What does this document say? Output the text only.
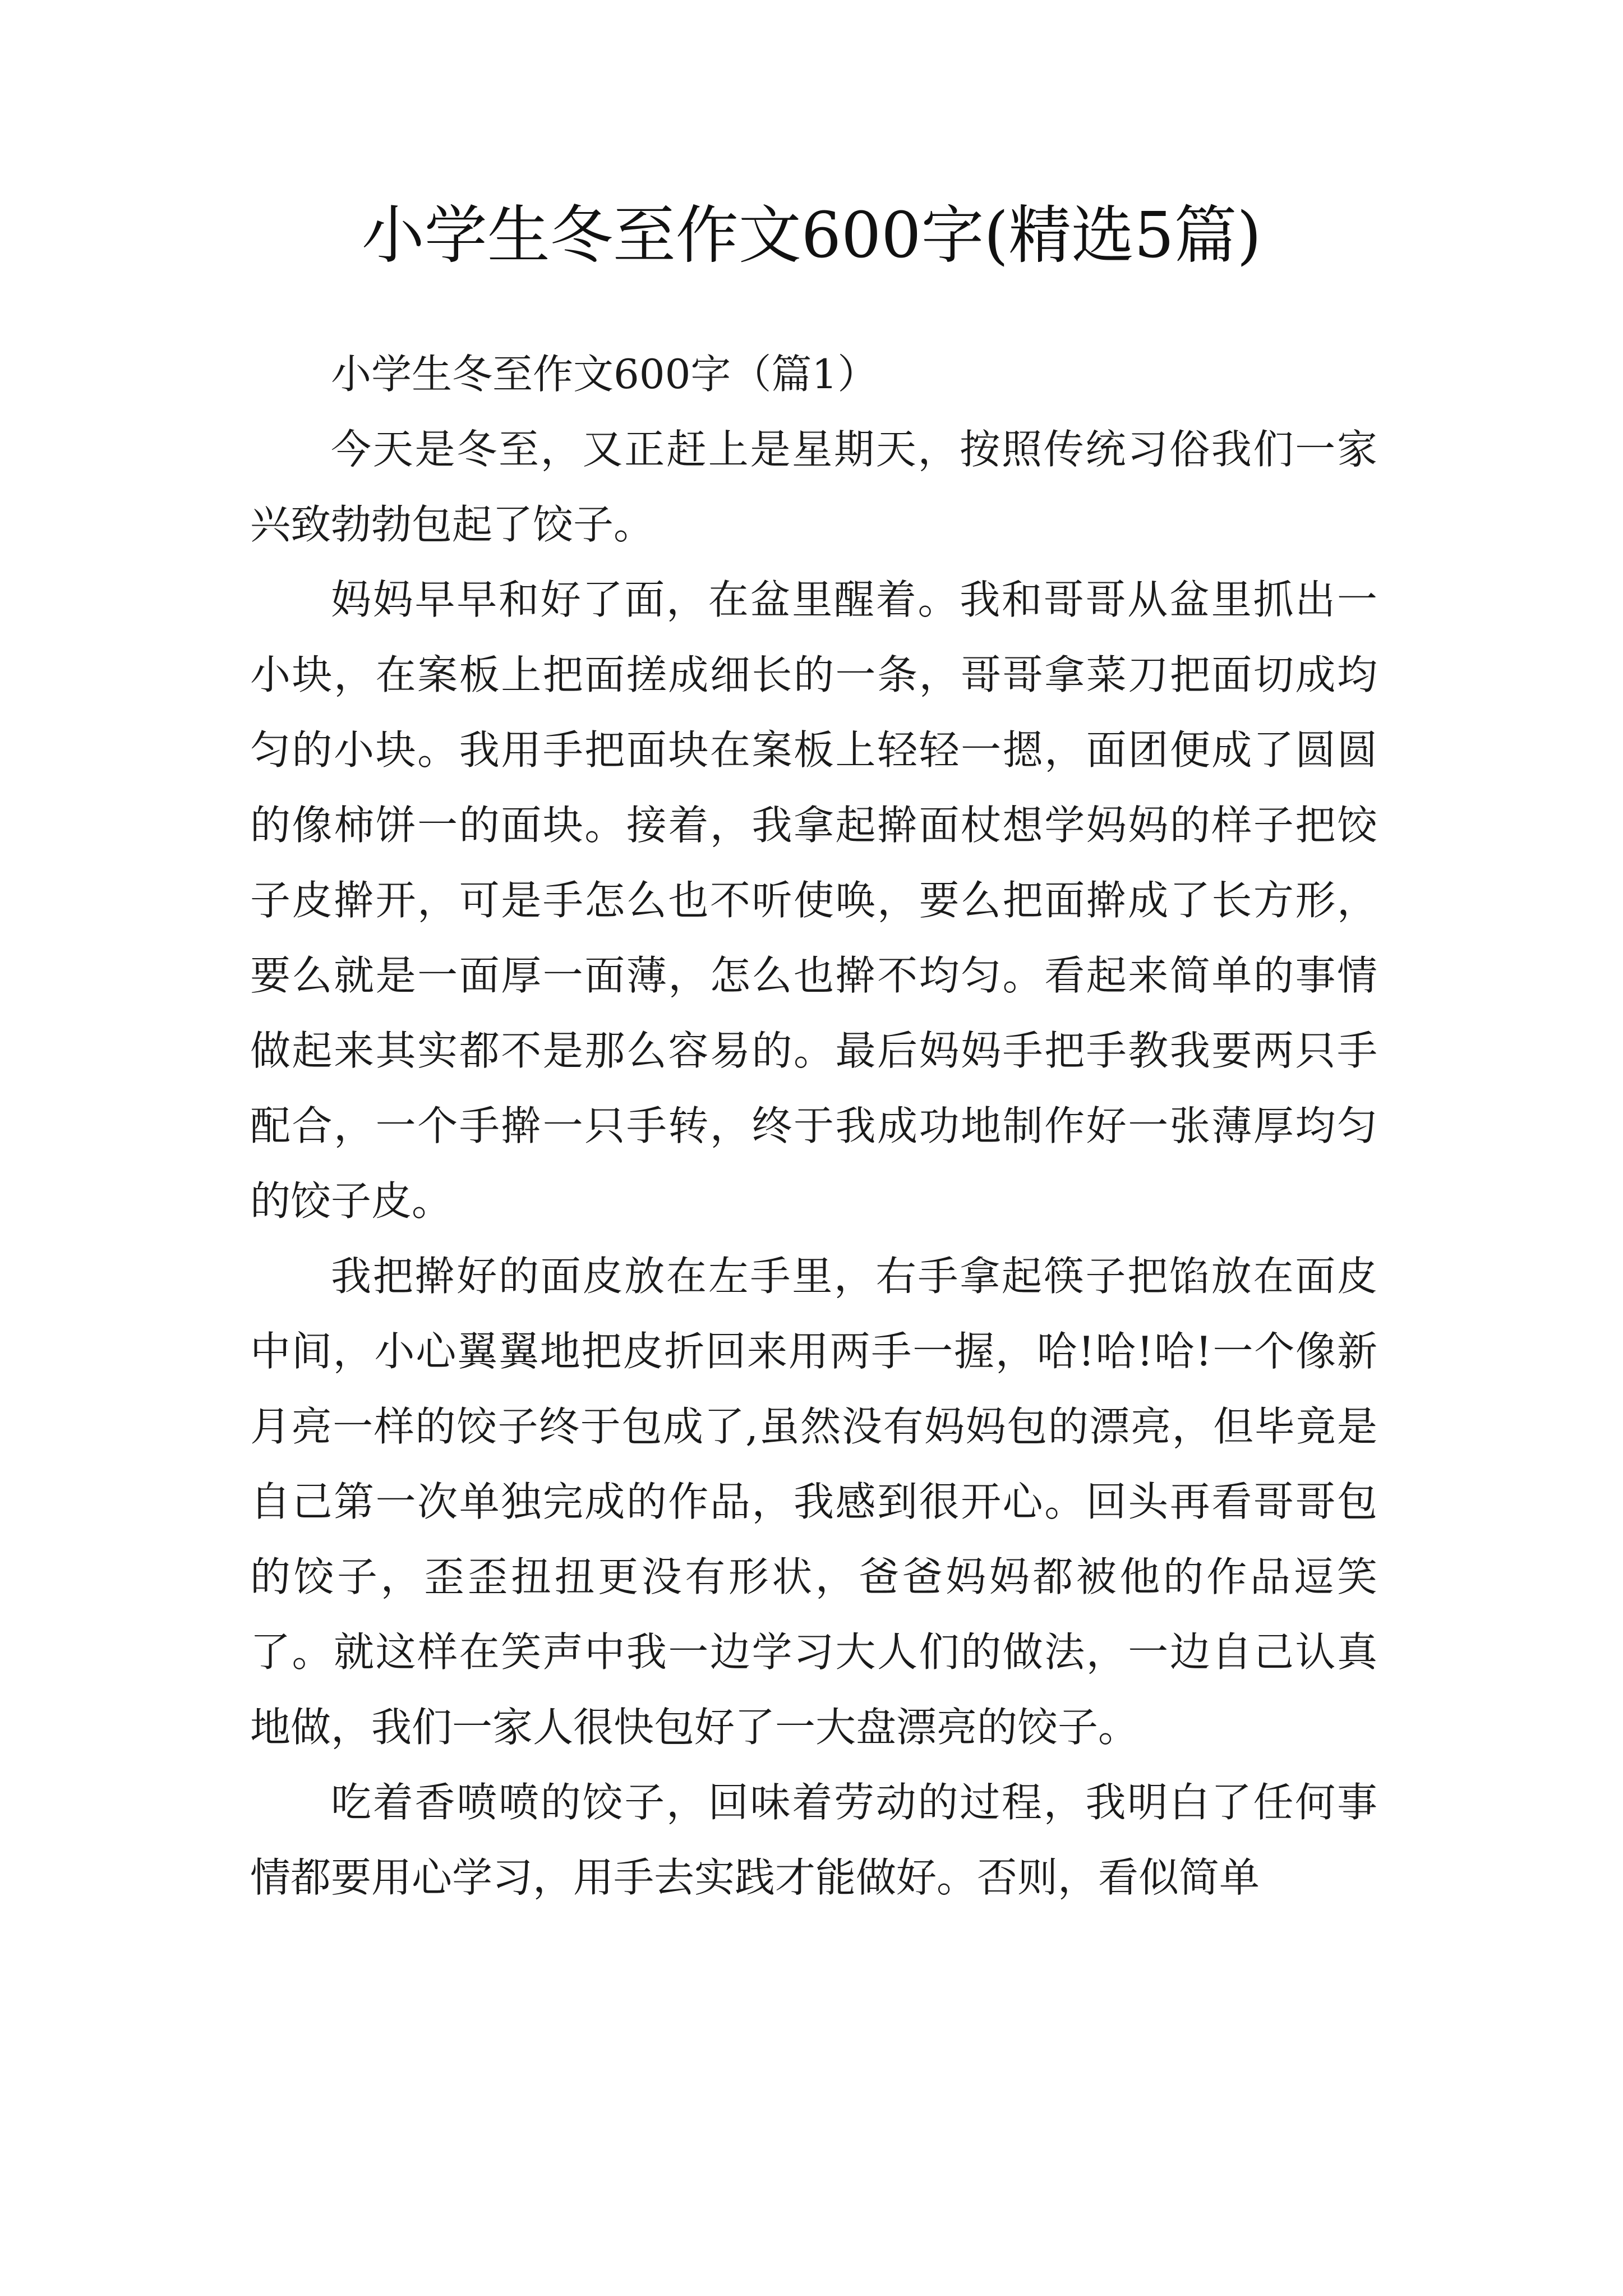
小学生冬至作文600字(精选5篇)

小学生冬至作文600字（篇1）

今天是冬至，又正赶上是星期天，按照传统习俗我们一家兴致勃勃包起了饺子。

妈妈早早和好了面，在盆里醒着。我和哥哥从盆里抓出一小块，在案板上把面搓成细长的一条，哥哥拿菜刀把面切成均匀的小块。我用手把面块在案板上轻轻一摁，面团便成了圆圆的像柿饼一的面块。接着，我拿起擀面杖想学妈妈的样子把饺子皮擀开，可是手怎么也不听使唤，要么把面擀成了长方形，要么就是一面厚一面薄，怎么也擀不均匀。看起来简单的事情做起来其实都不是那么容易的。最后妈妈手把手教我要两只手配合，一个手擀一只手转，终于我成功地制作好一张薄厚均匀的饺子皮。

我把擀好的面皮放在左手里，右手拿起筷子把馅放在面皮中间，小心翼翼地把皮折回来用两手一握，哈!哈!哈!一个像新月亮一样的饺子终于包成了,虽然没有妈妈包的漂亮，但毕竟是自己第一次单独完成的作品，我感到很开心。回头再看哥哥包的饺子，歪歪扭扭更没有形状，爸爸妈妈都被他的作品逗笑了。就这样在笑声中我一边学习大人们的做法，一边自己认真地做，我们一家人很快包好了一大盘漂亮的饺子。

吃着香喷喷的饺子，回味着劳动的过程，我明白了任何事情都要用心学习，用手去实践才能做好。否则，看似简单
